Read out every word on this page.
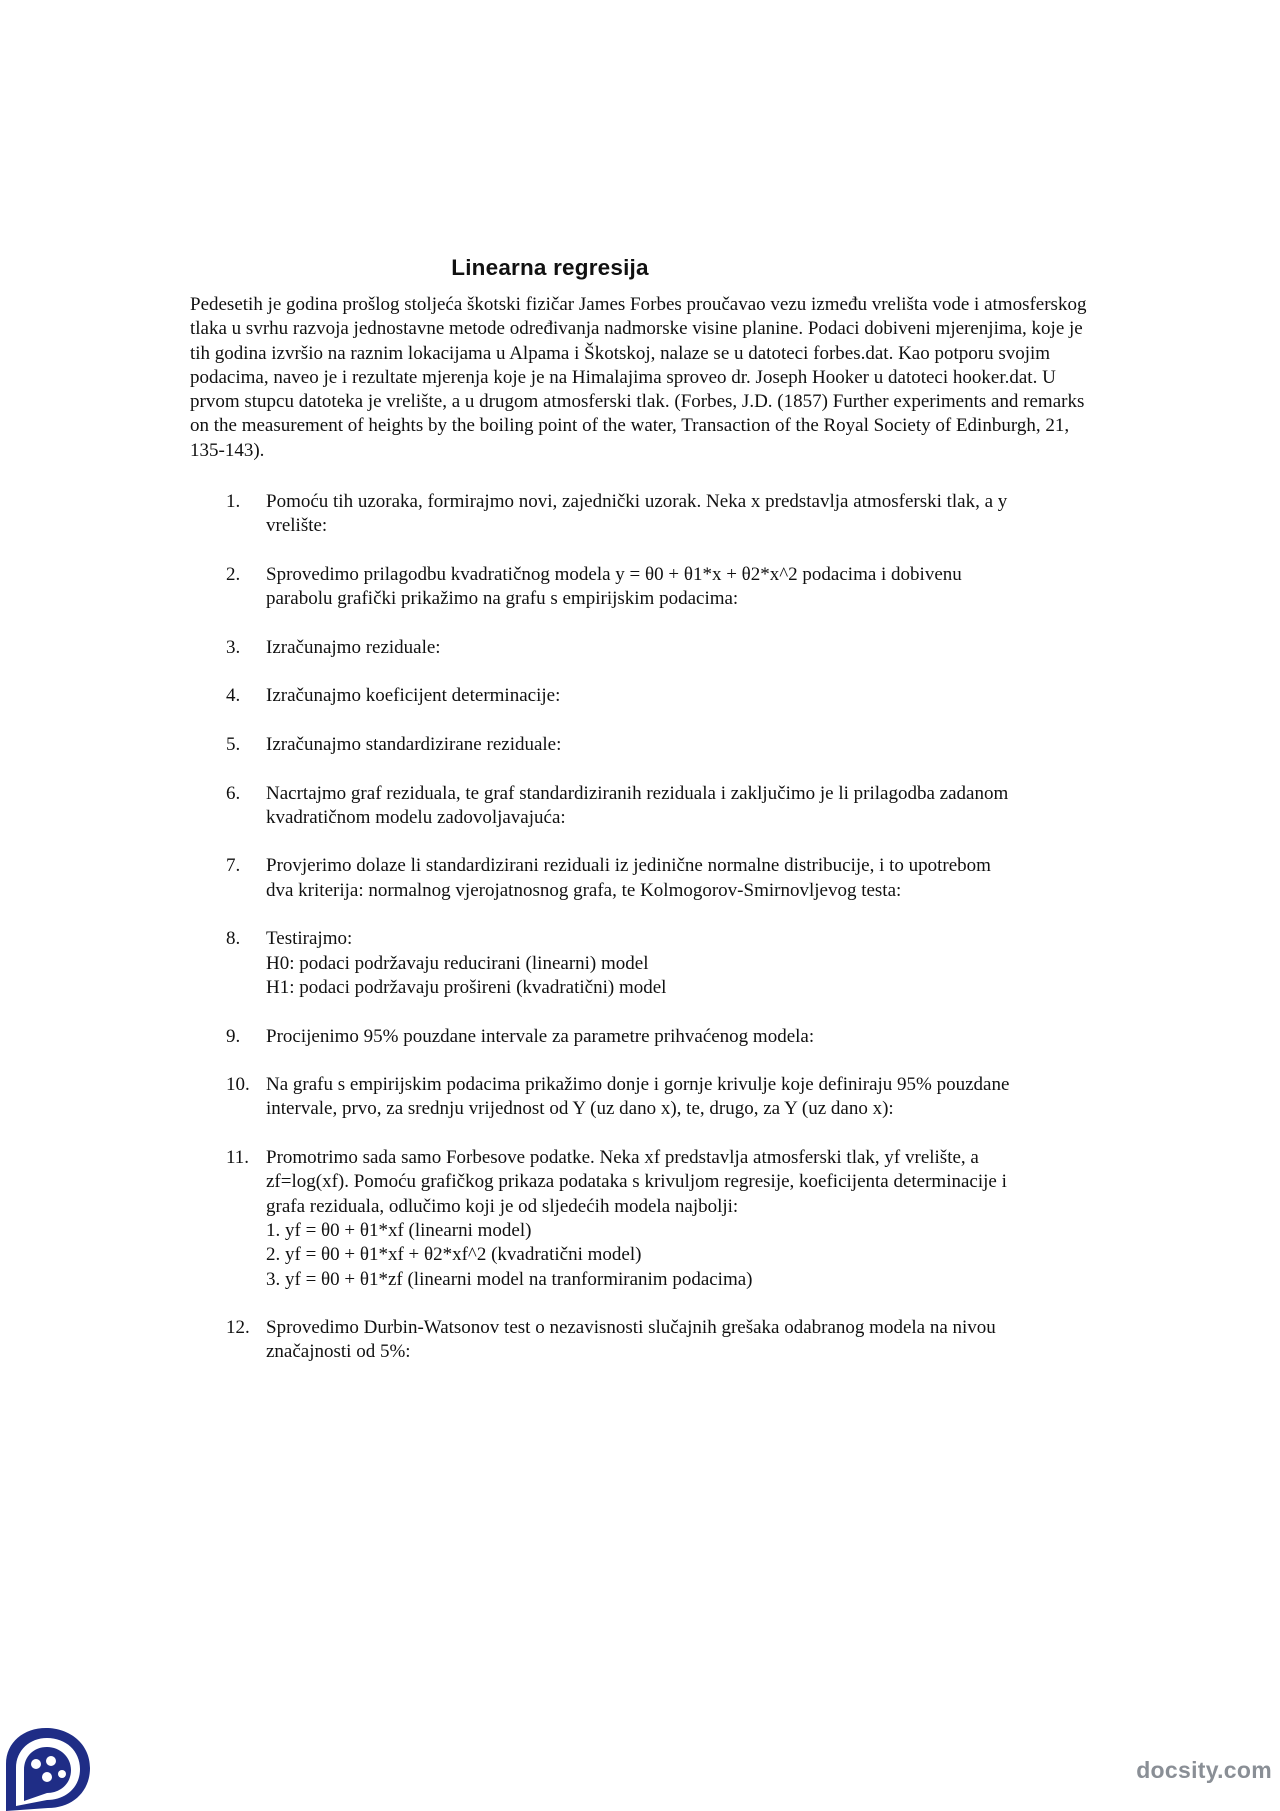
Linearna regresija

Pedesetih je godina prošlog stoljeća škotski fizičar James Forbes proučavao vezu između vrelišta vode i atmosferskog tlaka u svrhu razvoja jednostavne metode određivanja nadmorske visine planine. Podaci dobiveni mjerenjima, koje je tih godina izvršio na raznim lokacijama u Alpama i Škotskoj, nalaze se u datoteci forbes.dat. Kao potporu svojim podacima, naveo je i rezultate mjerenja koje je na Himalajima sproveo dr. Joseph Hooker u datoteci hooker.dat. U prvom stupcu datoteka je vrelište, a u drugom atmosferski tlak. (Forbes, J.D. (1857) Further experiments and remarks on the measurement of heights by the boiling point of the water, Transaction of the Royal Society of Edinburgh, 21, 135-143).

1. Pomoću tih uzoraka, formirajmo novi, zajednički uzorak. Neka x predstavlja atmosferski tlak, a y
vrelište:
2. Sprovedimo prilagodbu kvadratičnog modela y = θ0 + θ1*x + θ2*x^2 podacima i dobivenu
parabolu grafički prikažimo na grafu s empirijskim podacima:
3. Izračunajmo reziduale:
4. Izračunajmo koeficijent determinacije:
5. Izračunajmo standardizirane reziduale:
6. Nacrtajmo graf reziduala, te graf standardiziranih reziduala i zaključimo je li prilagodba zadanom
kvadratičnom modelu zadovoljavajuća:
7. Provjerimo dolaze li standardizirani reziduali iz jedinične normalne distribucije, i to upotrebom
dva kriterija: normalnog vjerojatnosnog grafa, te Kolmogorov-Smirnovljevog testa:
8. Testirajmo:
H0: podaci podržavaju reducirani (linearni) model
H1: podaci podržavaju prošireni (kvadratični) model
9. Procijenimo 95% pouzdane intervale za parametre prihvaćenog modela:
10. Na grafu s empirijskim podacima prikažimo donje i gornje krivulje koje definiraju 95% pouzdane
intervale, prvo, za srednju vrijednost od Y (uz dano x), te, drugo, za Y (uz dano x):
11. Promotrimo sada samo Forbesove podatke. Neka xf predstavlja atmosferski tlak, yf vrelište, a
zf=log(xf). Pomoću grafičkog prikaza podataka s krivuljom regresije, koeficijenta determinacije i
grafa reziduala, odlučimo koji je od sljedećih modela najbolji:
1. yf = θ0 + θ1*xf (linearni model)
2. yf = θ0 + θ1*xf + θ2*xf^2 (kvadratični model)
3. yf = θ0 + θ1*zf (linearni model na tranformiranim podacima)
12. Sprovedimo Durbin-Watsonov test o nezavisnosti slučajnih grešaka odabranog modela na nivou
značajnosti od 5%:
docsity.com
